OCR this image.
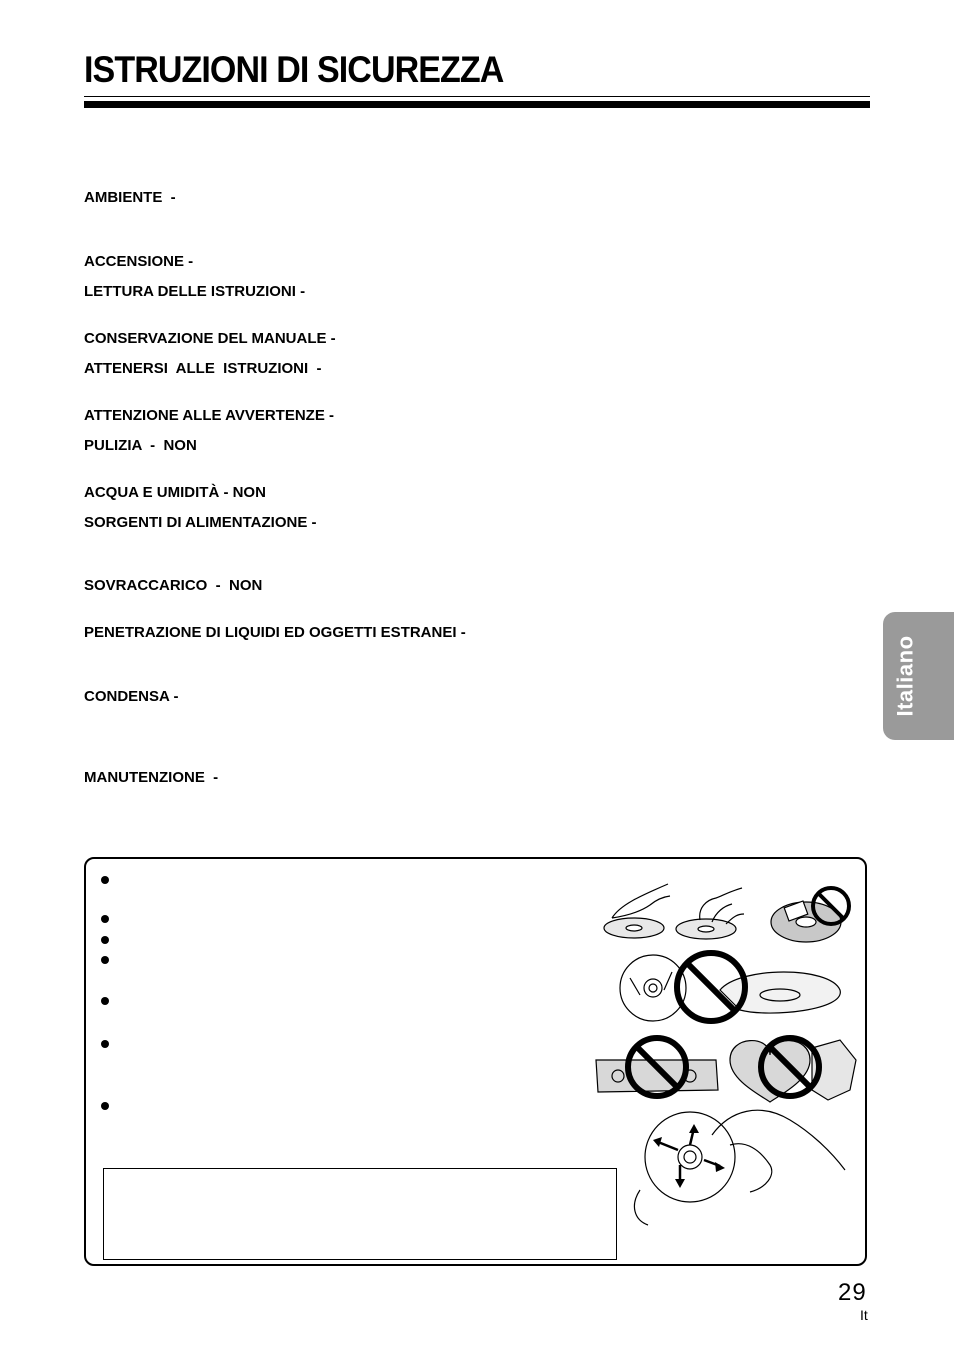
ISTRUZIONI DI SICUREZZA

AMBIENTE  -

ACCENSIONE -

LETTURA DELLE ISTRUZIONI -

CONSERVAZIONE DEL MANUALE -

ATTENERSI  ALLE  ISTRUZIONI  -

ATTENZIONE ALLE AVVERTENZE -

PULIZIA  -  NON

ACQUA E UMIDITÀ - NON

SORGENTI DI ALIMENTAZIONE -

SOVRACCARICO  -  NON

PENETRAZIONE DI LIQUIDI ED OGGETTI ESTRANEI -

CONDENSA -

MANUTENZIONE  -

Italiano

29

It
